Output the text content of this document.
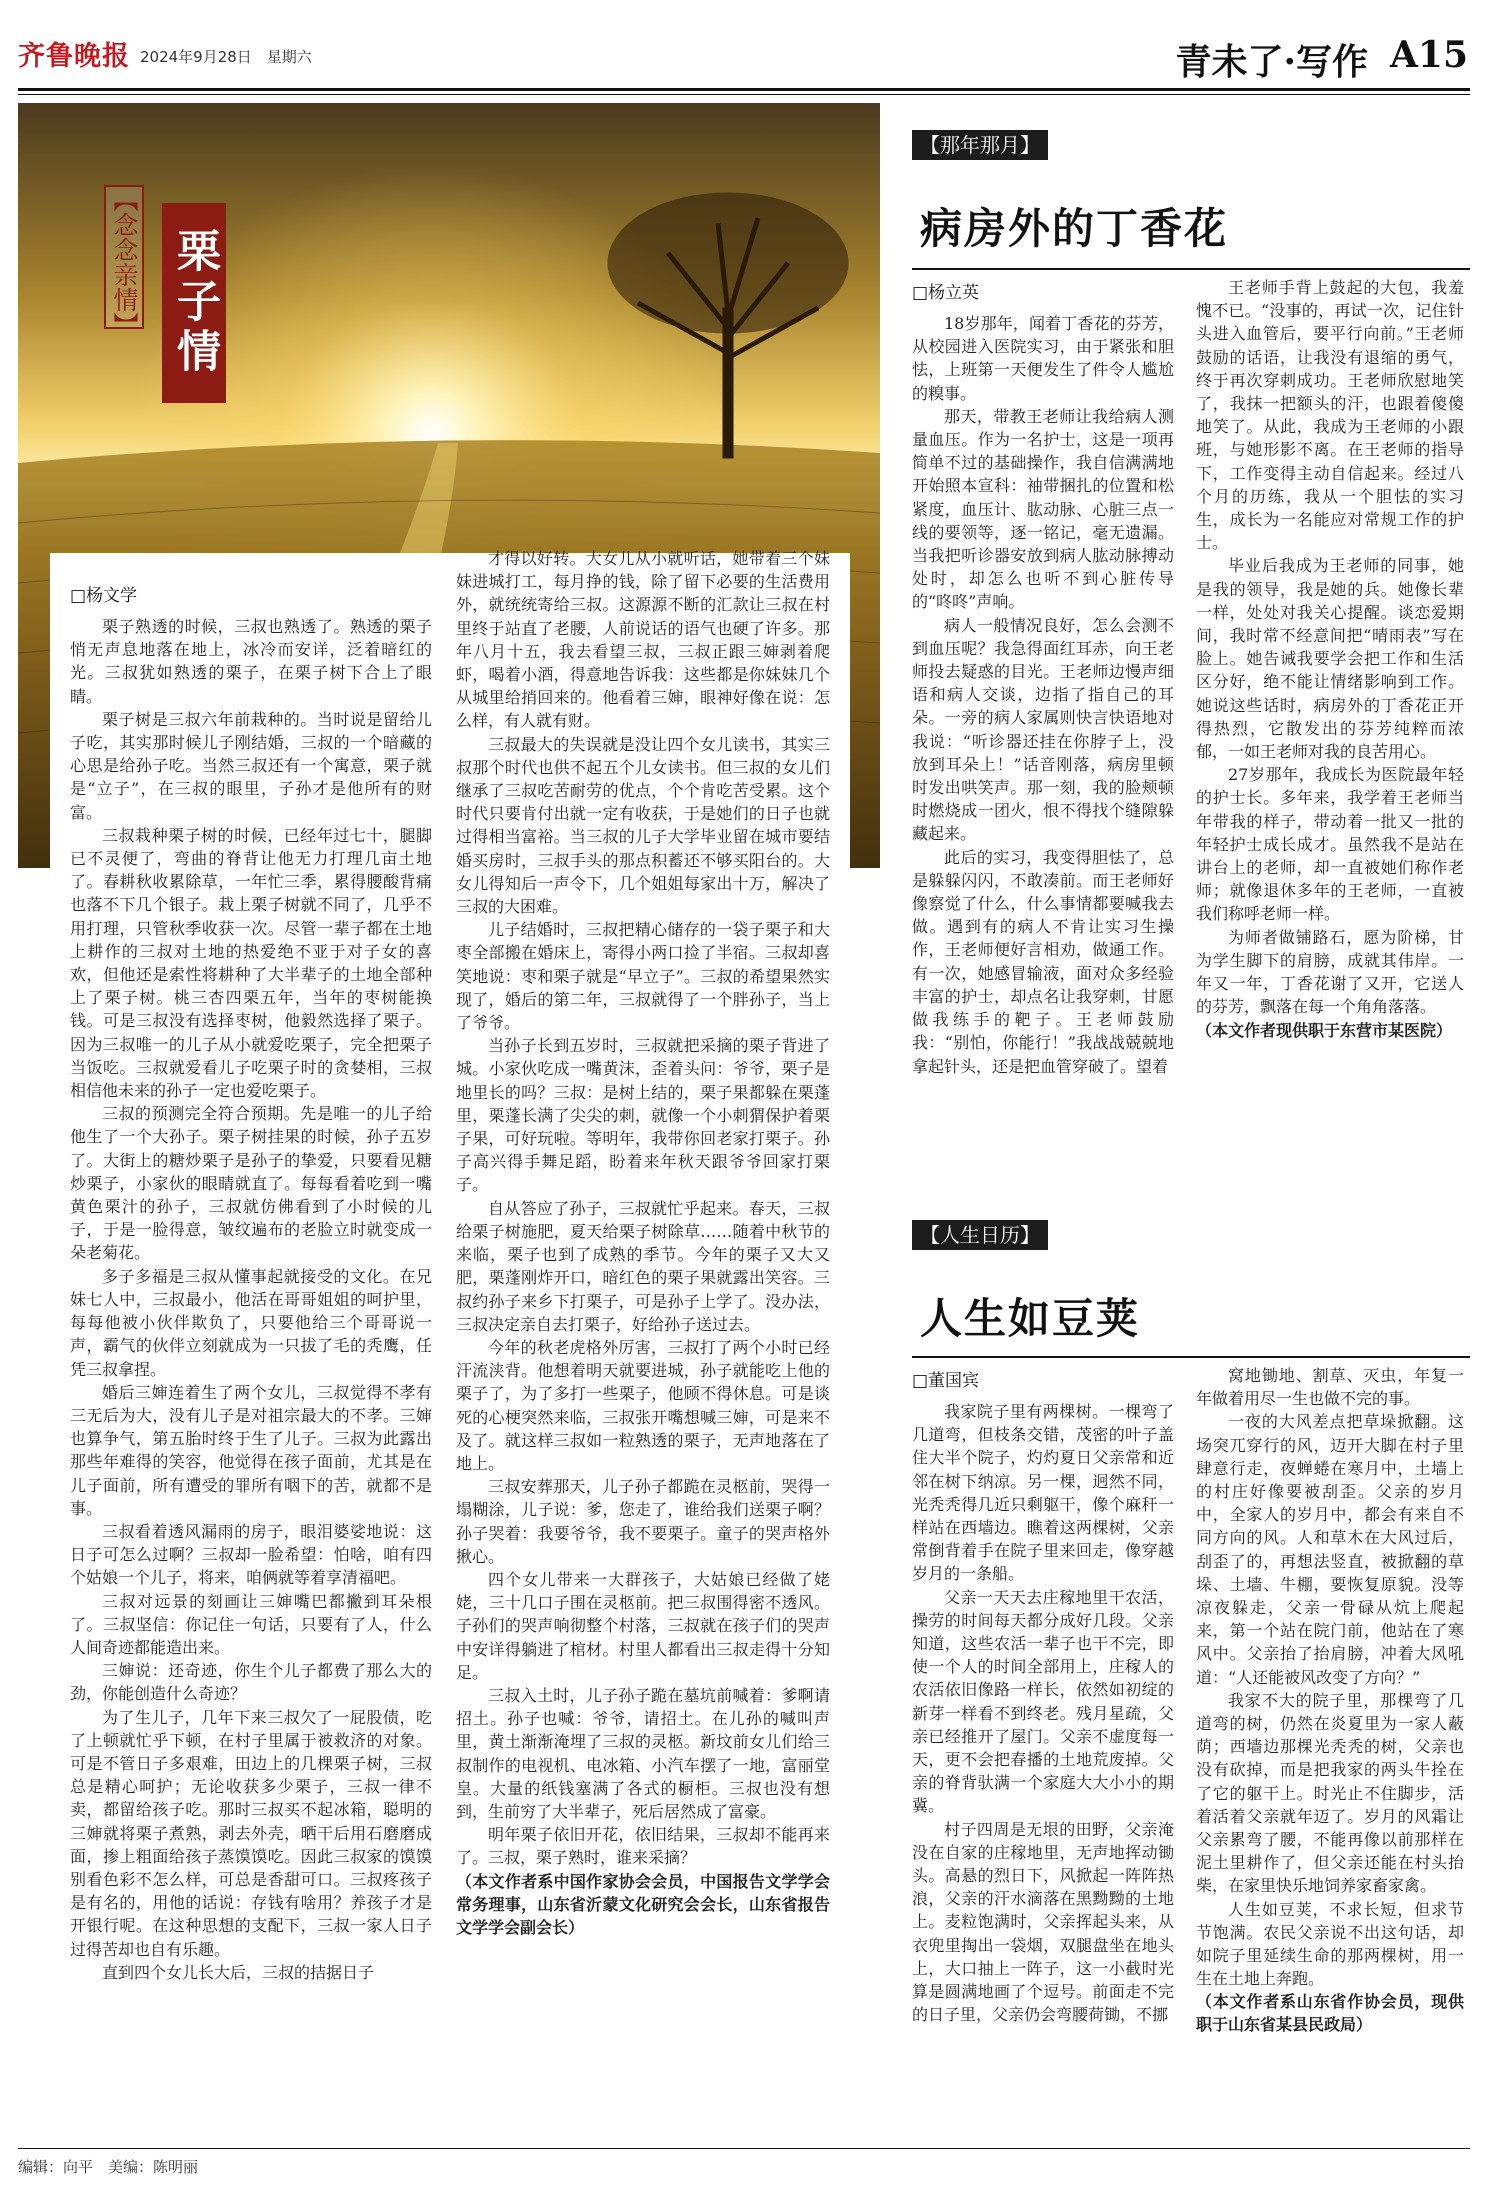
齐鲁晚报 2024年9月28日　星期六	青未了·写作 A15
【念念亲情】 栗子情
□杨文学

栗子熟透的时候，三叔也熟透了。熟透的栗子悄无声息地落在地上，冰冷而安详，泛着暗红的光。三叔犹如熟透的栗子，在栗子树下合上了眼睛。

栗子树是三叔六年前栽种的。当时说是留给儿子吃，其实那时候儿子刚结婚，三叔的一个暗藏的心思是给孙子吃。当然三叔还有一个寓意，栗子就是“立子”，在三叔的眼里，子孙才是他所有的财富。

三叔栽种栗子树的时候，已经年过七十，腿脚已不灵便了，弯曲的脊背让他无力打理几亩土地了。春耕秋收累除草，一年忙三季，累得腰酸背痛也落不下几个银子。栽上栗子树就不同了，几乎不用打理，只管秋季收获一次。尽管一辈子都在土地上耕作的三叔对土地的热爱绝不亚于对子女的喜欢，但他还是索性将耕种了大半辈子的土地全部种上了栗子树。桃三杏四栗五年，当年的枣树能换钱。可是三叔没有选择枣树，他毅然选择了栗子。因为三叔唯一的儿子从小就爱吃栗子，完全把栗子当饭吃。三叔就爱看儿子吃栗子时的贪婪相，三叔相信他未来的孙子一定也爱吃栗子。

三叔的预测完全符合预期。先是唯一的儿子给他生了一个大孙子。栗子树挂果的时候，孙子五岁了。大街上的糖炒栗子是孙子的挚爱，只要看见糖炒栗子，小家伙的眼睛就直了。每每看着吃到一嘴黄色栗汁的孙子，三叔就仿佛看到了小时候的儿子，于是一脸得意，皱纹遍布的老脸立时就变成一朵老菊花。

多子多福是三叔从懂事起就接受的文化。在兄妹七人中，三叔最小，他活在哥哥姐姐的呵护里，每每他被小伙伴欺负了，只要他给三个哥哥说一声，霸气的伙伴立刻就成为一只拔了毛的秃鹰，任凭三叔拿捏。

婚后三婶连着生了两个女儿，三叔觉得不孝有三无后为大，没有儿子是对祖宗最大的不孝。三婶也算争气，第五胎时终于生了儿子。三叔为此露出那些年难得的笑容，他觉得在孩子面前，尤其是在儿子面前，所有遭受的罪所有咽下的苦，就都不是事。

三叔看着透风漏雨的房子，眼泪婆娑地说：这日子可怎么过啊？三叔却一脸希望：怕啥，咱有四个姑娘一个儿子，将来，咱俩就等着享清福吧。

三叔对远景的刻画让三婶嘴巴都撇到耳朵根了。三叔坚信：你记住一句话，只要有了人，什么人间奇迹都能造出来。

三婶说：还奇迹，你生个儿子都费了那么大的劲，你能创造什么奇迹？

为了生儿子，几年下来三叔欠了一屁股债，吃了上顿就忙乎下顿，在村子里属于被救济的对象。可是不管日子多艰难，田边上的几棵栗子树，三叔总是精心呵护；无论收获多少栗子，三叔一律不卖，都留给孩子吃。那时三叔买不起冰箱，聪明的三婶就将栗子煮熟，剥去外壳，晒干后用石磨磨成面，掺上粗面给孩子蒸馍馍吃。因此三叔家的馍馍别看色彩不怎么样，可总是香甜可口。三叔疼孩子是有名的，用他的话说：存钱有啥用？养孩子才是开银行呢。在这种思想的支配下，三叔一家人日子过得苦却也自有乐趣。

直到四个女儿长大后，三叔的拮据日子

才得以好转。大女儿从小就听话，她带着三个妹妹进城打工，每月挣的钱，除了留下必要的生活费用外，就统统寄给三叔。这源源不断的汇款让三叔在村里终于站直了老腰，人前说话的语气也硬了许多。那年八月十五，我去看望三叔，三叔正跟三婶剥着爬虾，喝着小酒，得意地告诉我：这些都是你妹妹几个从城里给捎回来的。他看着三婶，眼神好像在说：怎么样，有人就有财。

三叔最大的失误就是没让四个女儿读书，其实三叔那个时代也供不起五个儿女读书。但三叔的女儿们继承了三叔吃苦耐劳的优点，个个肯吃苦受累。这个时代只要肯付出就一定有收获，于是她们的日子也就过得相当富裕。当三叔的儿子大学毕业留在城市要结婚买房时，三叔手头的那点积蓄还不够买阳台的。大女儿得知后一声令下，几个姐姐每家出十万，解决了三叔的大困难。

儿子结婚时，三叔把精心储存的一袋子栗子和大枣全部搬在婚床上，寄得小两口捡了半宿。三叔却喜笑地说：枣和栗子就是“早立子”。三叔的希望果然实现了，婚后的第二年，三叔就得了一个胖孙子，当上了爷爷。

当孙子长到五岁时，三叔就把采摘的栗子背进了城。小家伙吃成一嘴黄沫，歪着头问：爷爷，栗子是地里长的吗？三叔：是树上结的，栗子果都躲在栗蓬里，栗蓬长满了尖尖的刺，就像一个小刺猬保护着栗子果，可好玩啦。等明年，我带你回老家打栗子。孙子高兴得手舞足蹈，盼着来年秋天跟爷爷回家打栗子。

自从答应了孙子，三叔就忙乎起来。春天，三叔给栗子树施肥，夏天给栗子树除草……随着中秋节的来临，栗子也到了成熟的季节。今年的栗子又大又肥，栗蓬刚炸开口，暗红色的栗子果就露出笑容。三叔约孙子来乡下打栗子，可是孙子上学了。没办法，三叔决定亲自去打栗子，好给孙子送过去。

今年的秋老虎格外厉害，三叔打了两个小时已经汗流浃背。他想着明天就要进城，孙子就能吃上他的栗子了，为了多打一些栗子，他顾不得休息。可是谈死的心梗突然来临，三叔张开嘴想喊三婶，可是来不及了。就这样三叔如一粒熟透的栗子，无声地落在了地上。

三叔安葬那天，儿子孙子都跪在灵柩前，哭得一塌糊涂，儿子说：爹，您走了，谁给我们送栗子啊？孙子哭着：我要爷爷，我不要栗子。童子的哭声格外揪心。

四个女儿带来一大群孩子，大姑娘已经做了姥姥，三十几口子围在灵柩前。把三叔围得密不透风。子孙们的哭声响彻整个村落，三叔就在孩子们的哭声中安详得躺进了棺材。村里人都看出三叔走得十分知足。

三叔入土时，儿子孙子跪在墓坑前喊着：爹啊请招土。孙子也喊：爷爷，请招土。在儿孙的喊叫声里，黄土渐渐淹埋了三叔的灵柩。新坟前女儿们给三叔制作的电视机、电冰箱、小汽车摆了一地，富丽堂皇。大量的纸钱塞满了各式的橱柜。三叔也没有想到，生前穷了大半辈子，死后居然成了富豪。

明年栗子依旧开花，依旧结果，三叔却不能再来了。三叔，栗子熟时，谁来采摘？

（本文作者系中国作家协会会员，中国报告文学学会常务理事，山东省沂蒙文化研究会会长，山东省报告文学学会副会长）
【那年那月】
病房外的丁香花
□杨立英

18岁那年，闻着丁香花的芬芳，从校园进入医院实习，由于紧张和胆怯，上班第一天便发生了件令人尴尬的糗事。

那天，带教王老师让我给病人测量血压。作为一名护士，这是一项再简单不过的基础操作，我自信满满地开始照本宣科：袖带捆扎的位置和松紧度，血压计、肱动脉、心脏三点一线的要领等，逐一铭记，毫无遗漏。当我把听诊器安放到病人肱动脉搏动处时，却怎么也听不到心脏传导的“咚咚”声响。

病人一般情况良好，怎么会测不到血压呢？我急得面红耳赤，向王老师投去疑惑的目光。王老师边慢声细语和病人交谈，边指了指自己的耳朵。一旁的病人家属则快言快语地对我说：“听诊器还挂在你脖子上，没放到耳朵上！”话音刚落，病房里顿时发出哄笑声。那一刻，我的脸颊顿时燃烧成一团火，恨不得找个缝隙躲藏起来。

此后的实习，我变得胆怯了，总是躲躲闪闪，不敢凑前。而王老师好像察觉了什么，什么事情都要喊我去做。遇到有的病人不肯让实习生操作，王老师便好言相劝，做通工作。有一次，她感冒输液，面对众多经验丰富的护士，却点名让我穿刺，甘愿做我练手的靶子。王老师鼓励我：“别怕，你能行！”我战战兢兢地拿起针头，还是把血管穿破了。望着

王老师手背上鼓起的大包，我羞愧不已。“没事的，再试一次，记住针头进入血管后，要平行向前。”王老师鼓励的话语，让我没有退缩的勇气，终于再次穿刺成功。王老师欣慰地笑了，我抹一把额头的汗，也跟着傻傻地笑了。从此，我成为王老师的小跟班，与她形影不离。在王老师的指导下，工作变得主动自信起来。经过八个月的历练，我从一个胆怯的实习生，成长为一名能应对常规工作的护士。

毕业后我成为王老师的同事，她是我的领导，我是她的兵。她像长辈一样，处处对我关心提醒。谈恋爱期间，我时常不经意间把“晴雨表”写在脸上。她告诫我要学会把工作和生活区分好，绝不能让情绪影响到工作。她说这些话时，病房外的丁香花正开得热烈，它散发出的芬芳纯粹而浓郁，一如王老师对我的良苦用心。

27岁那年，我成长为医院最年轻的护士长。多年来，我学着王老师当年带我的样子，带动着一批又一批的年轻护士成长成才。虽然我不是站在讲台上的老师，却一直被她们称作老师；就像退休多年的王老师，一直被我们称呼老师一样。

为师者做铺路石，愿为阶梯，甘为学生脚下的肩膀，成就其伟岸。一年又一年，丁香花谢了又开，它送人的芬芳，飘落在每一个角角落落。

（本文作者现供职于东营市某医院）
【人生日历】
人生如豆荚
□董国宾

我家院子里有两棵树。一棵弯了几道弯，但枝条交错，茂密的叶子盖住大半个院子，灼灼夏日父亲常和近邻在树下纳凉。另一棵，迥然不同，光秃秃得几近只剩躯干，像个麻秆一样站在西墙边。瞧着这两棵树，父亲常倒背着手在院子里来回走，像穿越岁月的一条船。

父亲一天天去庄稼地里干农活，操劳的时间每天都分成好几段。父亲知道，这些农活一辈子也干不完，即使一个人的时间全部用上，庄稼人的农活依旧像路一样长，依然如初绽的新芽一样看不到终老。残月星疏，父亲已经推开了屋门。父亲不虚度每一天，更不会把春播的土地荒废掉。父亲的脊背驮满一个家庭大大小小的期冀。

村子四周是无垠的田野，父亲淹没在自家的庄稼地里，无声地挥动锄头。高悬的烈日下，风掀起一阵阵热浪，父亲的汗水滴落在黑黝黝的土地上。麦粒饱满时，父亲挥起头来，从衣兜里掏出一袋烟，双腿盘坐在地头上，大口抽上一阵子，这一小截时光算是圆满地画了个逗号。前面走不完的日子里，父亲仍会弯腰荷锄，不挪

窝地锄地、割草、灭虫，年复一年做着用尽一生也做不完的事。

一夜的大风差点把草垛掀翻。这场突兀穿行的风，迈开大脚在村子里肆意行走，夜蝉蜷在寒月中，土墙上的村庄好像要被刮歪。父亲的岁月中，全家人的岁月中，都会有来自不同方向的风。人和草木在大风过后，刮歪了的，再想法竖直，被掀翻的草垛、土墙、牛棚，要恢复原貌。没等凉夜躲走，父亲一骨碌从炕上爬起来，第一个站在院门前，他站在了寒风中。父亲抬了抬肩膀，冲着大风吼道：“人还能被风改变了方向？”

我家不大的院子里，那棵弯了几道弯的树，仍然在炎夏里为一家人蔽荫；西墙边那棵光秃秃的树，父亲也没有砍掉，而是把我家的两头牛拴在了它的躯干上。时光止不住脚步，活着活着父亲就年迈了。岁月的风霜让父亲累弯了腰，不能再像以前那样在泥土里耕作了，但父亲还能在村头抬柴，在家里快乐地饲养家畜家禽。

人生如豆荚，不求长短，但求节节饱满。农民父亲说不出这句话，却如院子里延续生命的那两棵树，用一生在土地上奔跑。

（本文作者系山东省作协会员，现供职于山东省某县民政局）
编辑：向平　美编：陈明丽
